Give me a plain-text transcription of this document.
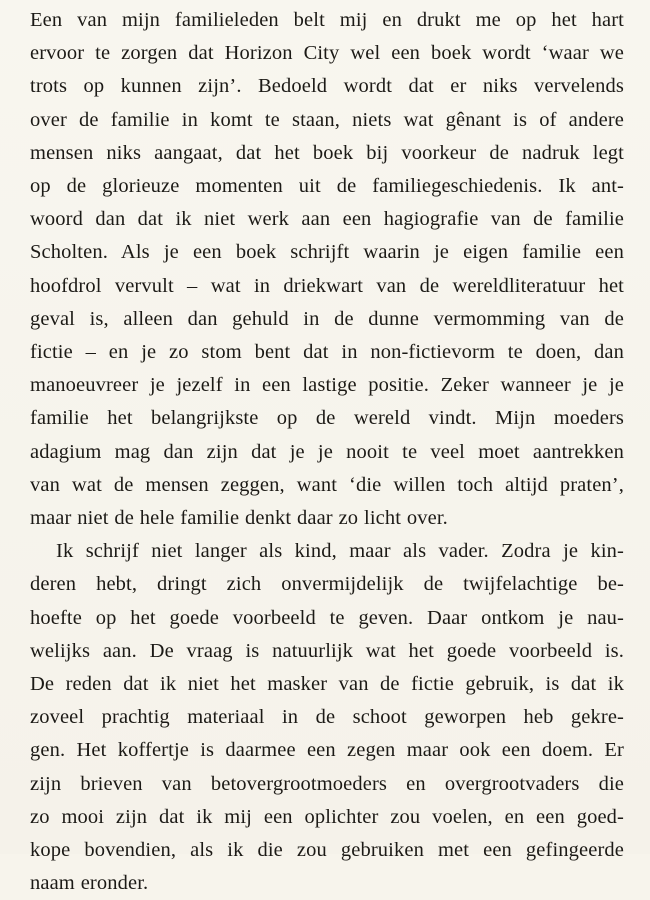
Een van mijn familieleden belt mij en drukt me op het hart
ervoor te zorgen dat Horizon City wel een boek wordt ‘waar we
trots op kunnen zijn’. Bedoeld wordt dat er niks vervelends
over de familie in komt te staan, niets wat gênant is of andere
mensen niks aangaat, dat het boek bij voorkeur de nadruk legt
op de glorieuze momenten uit de familiegeschiedenis. Ik ant-
woord dan dat ik niet werk aan een hagiografie van de familie
Scholten. Als je een boek schrijft waarin je eigen familie een
hoofdrol vervult – wat in driekwart van de wereldliteratuur het
geval is, alleen dan gehuld in de dunne vermomming van de
fictie – en je zo stom bent dat in non-fictievorm te doen, dan
manoeuvreer je jezelf in een lastige positie. Zeker wanneer je je
familie het belangrijkste op de wereld vindt. Mijn moeders
adagium mag dan zijn dat je je nooit te veel moet aantrekken
van wat de mensen zeggen, want ‘die willen toch altijd praten’,
maar niet de hele familie denkt daar zo licht over.
Ik schrijf niet langer als kind, maar als vader. Zodra je kin-
deren hebt, dringt zich onvermijdelijk de twijfelachtige be-
hoefte op het goede voorbeeld te geven. Daar ontkom je nau-
welijks aan. De vraag is natuurlijk wat het goede voorbeeld is.
De reden dat ik niet het masker van de fictie gebruik, is dat ik
zoveel prachtig materiaal in de schoot geworpen heb gekre-
gen. Het koffertje is daarmee een zegen maar ook een doem. Er
zijn brieven van betovergrootmoeders en overgrootvaders die
zo mooi zijn dat ik mij een oplichter zou voelen, en een goed-
kope bovendien, als ik die zou gebruiken met een gefingeerde
naam eronder.
